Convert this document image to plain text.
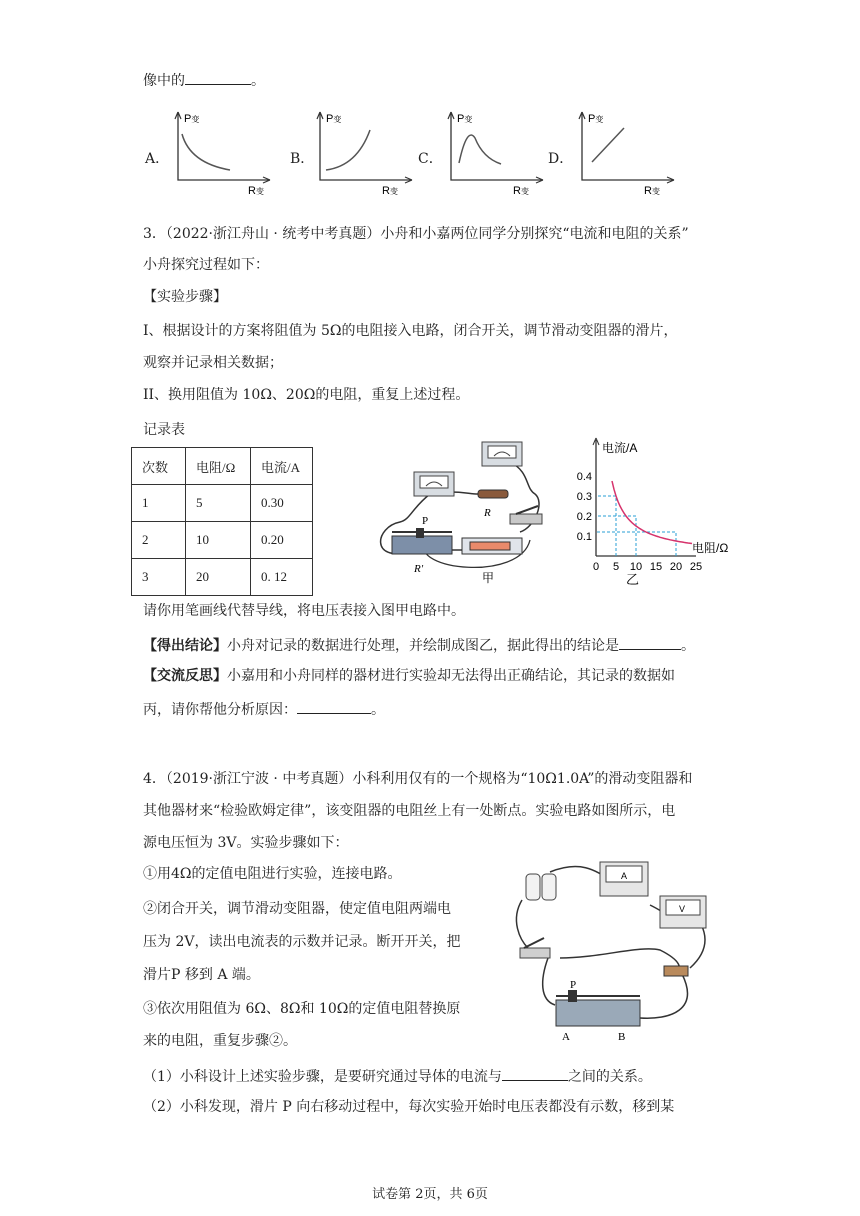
像中的	。
A．
P变
R变
B．
P变
R变
C．
P变
R变
D．
P变
R变
3．（2022·浙江舟山 · 统考中考真题）小舟和小嘉两位同学分别探究“电流和电阻的关系”
小舟探究过程如下：
【实验步骤】
I、根据设计的方案将阻值为 5Ω的电阻接入电路，闭合开关，调节滑动变阻器的滑片，
观察并记录相关数据；
II、换用阻值为 10Ω、20Ω的电阻，重复上述过程。
记录表
次数	电阻/Ω	电流/A
1	5	0.30
2	10	0.20
3	20	0. 12
P
R
R′
甲
电流/A
电阻/Ω
0.4
0.3
0.2
0.1
0 5 10 15 20 25
乙
请你用笔画线代替导线，将电压表接入图甲电路中。
【得出结论】小舟对记录的数据进行处理，并绘制成图乙，据此得出的结论是	。
【交流反思】小嘉用和小舟同样的器材进行实验却无法得出正确结论，其记录的数据如
丙，请你帮他分析原因：	。
4．（2019·浙江宁波 · 中考真题）小科利用仅有的一个规格为“10Ω1.0A”的滑动变阻器和
其他器材来“检验欧姆定律”，该变阻器的电阻丝上有一处断点。实验电路如图所示，电
源电压恒为 3V。实验步骤如下：
①用4Ω的定值电阻进行实验，连接电路。
②闭合开关，调节滑动变阻器，使定值电阻两端电
压为 2V，读出电流表的示数并记录。断开开关，把
滑片P 移到 A 端。
③依次用阻值为 6Ω、8Ω和 10Ω的定值电阻替换原
来的电阻，重复步骤②。
（1）小科设计上述实验步骤，是要研究通过导体的电流与	之间的关系。
（2）小科发现，滑片 P 向右移动过程中，每次实验开始时电压表都没有示数，移到某
A
V
P
A	B
试卷第 2页，共 6页
